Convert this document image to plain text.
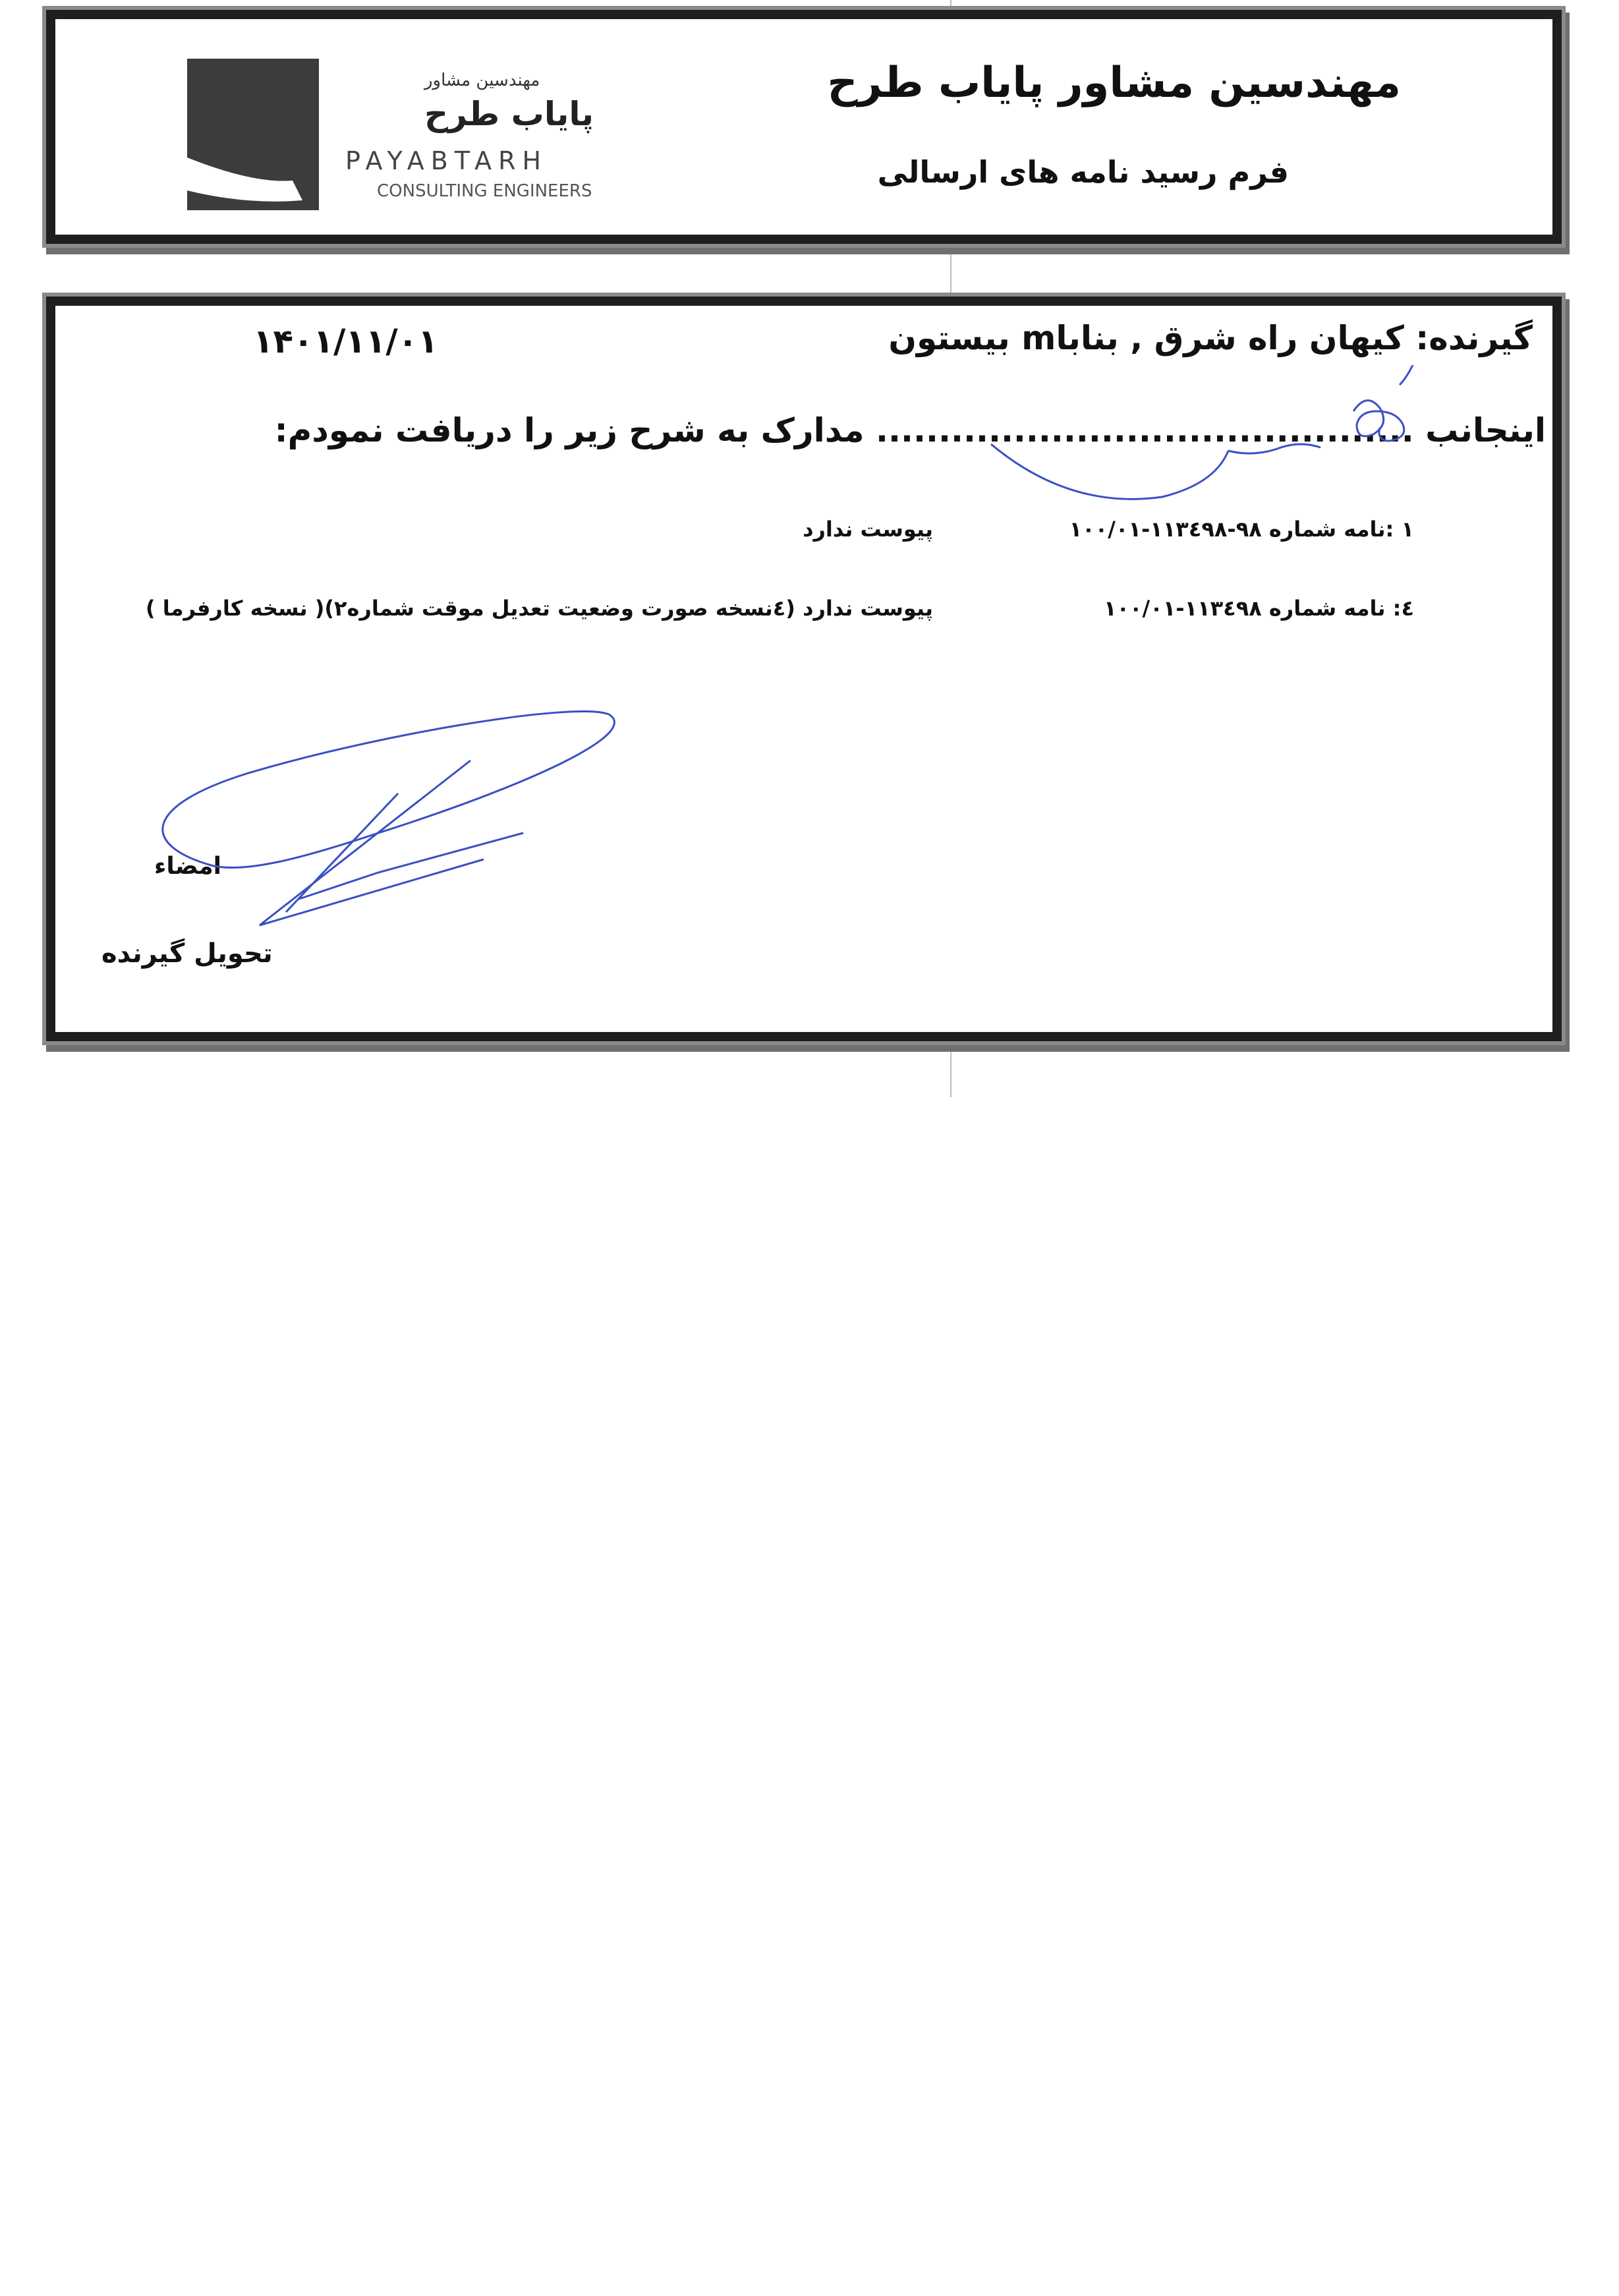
مهندسین مشاور پایاب طرح
فرم رسید نامه های ارسالی
مهندسین مشاور
پایاب طرح
PAYABTARH
CONSULTING ENGINEERS
گیرنده: کیهان راه شرق , بناباm بیستون
۱۴۰۱/۱۱/۰۱
اینجانب ........................................... مدارک به شرح زیر را دریافت نمودم:
۱ :نامه شماره ۹۸-۱۱۳٤۹۸-۱۰۰/۰۱
پیوست ندارد
٤: نامه شماره ۱۱۳٤۹۸-۱۰۰/۰۱
پیوست ندارد (٤نسخه صورت وضعیت تعدیل موقت شماره۲)( نسخه کارفرما )
امضاء
تحویل گیرنده
